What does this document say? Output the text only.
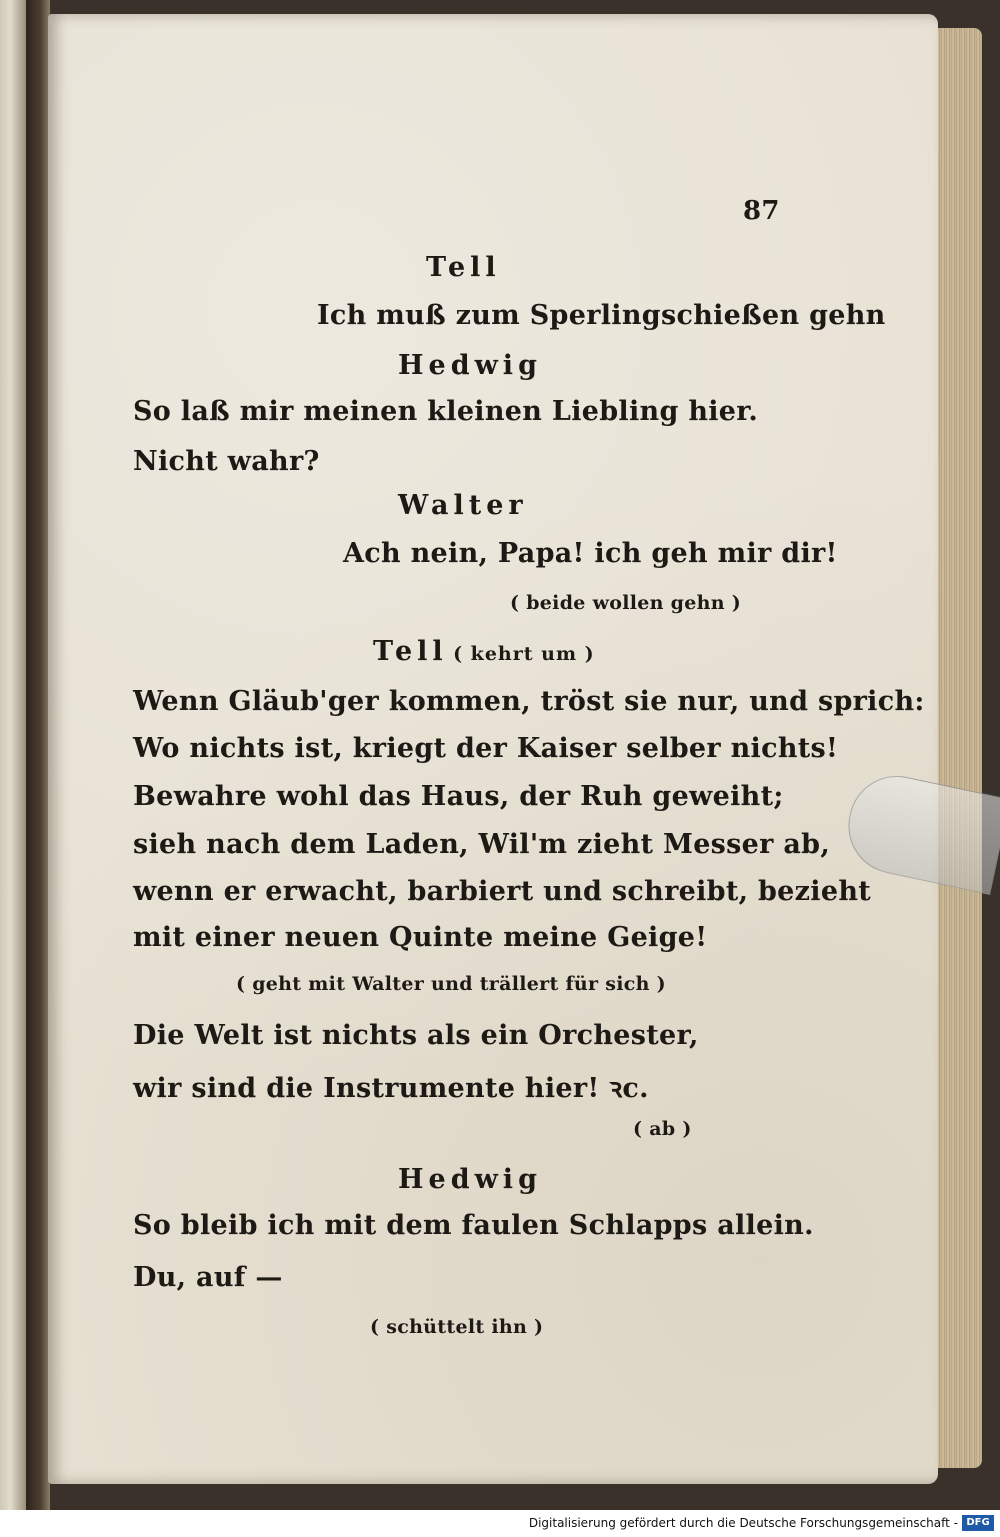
87
Tell
Ich muß zum Sperlingschießen gehn
Hedwig
So laß mir meinen kleinen Liebling hier.
Nicht wahr?
Walter
Ach nein, Papa! ich geh mir dir!
( beide wollen gehn )
Tell ( kehrt um )
Wenn Gläub'ger kommen, tröst sie nur, und sprich:
Wo nichts ist, kriegt der Kaiser selber nichts!
Bewahre wohl das Haus, der Ruh geweiht;
sieh nach dem Laden, Wil'm zieht Messer ab,
wenn er erwacht, barbiert und schreibt, bezieht
mit einer neuen Quinte meine Geige!
( geht mit Walter und trällert für sich )
Die Welt ist nichts als ein Orchester,
wir sind die Instrumente hier! ꝛc.
( ab )
Hedwig
So bleib ich mit dem faulen Schlapps allein.
Du, auf —
( schüttelt ihn )
Digitalisierung gefördert durch die Deutsche Forschungsgemeinschaft - DFG
